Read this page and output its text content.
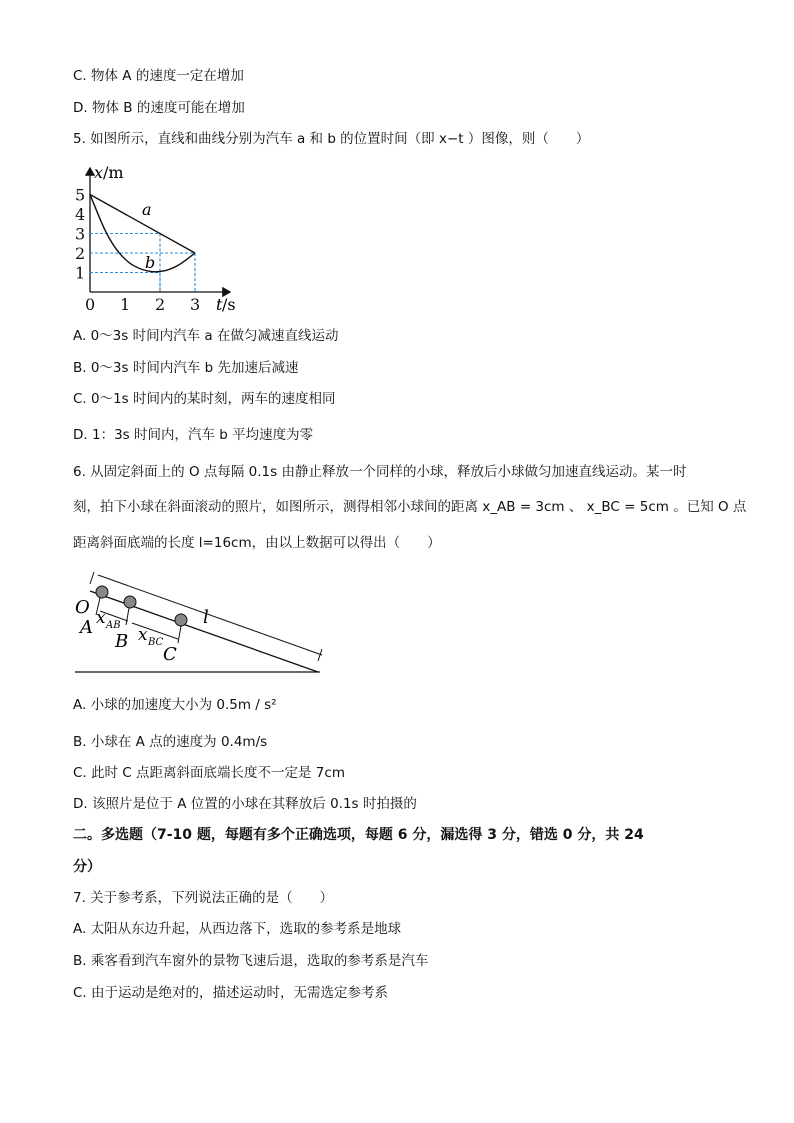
C. 物体 A 的速度一定在增加
D. 物体 B 的速度可能在增加
5. 如图所示，直线和曲线分别为汽车 a 和 b 的位置时间（即 x−t ）图像，则（　　）
1
2
3
4
5
0 1 2 3
x /m
t /s
a
b
A. 0～3s 时间内汽车 a 在做匀减速直线运动
B. 0～3s 时间内汽车 b 先加速后减速
C. 0～1s 时间内的某时刻，两车的速度相同
D. 1：3s 时间内，汽车 b 平均速度为零
6. 从固定斜面上的 O 点每隔 0.1s 由静止释放一个同样的小球，释放后小球做匀加速直线运动。某一时
刻，拍下小球在斜面滚动的照片，如图所示，测得相邻小球间的距离 x_AB = 3cm 、 x_BC = 5cm 。已知 O 点
距离斜面底端的长度 l=16cm，由以上数据可以得出（　　）
O
A
B
C
l
x AB x BC
A. 小球的加速度大小为 0.5m / s²
B. 小球在 A 点的速度为 0.4m/s
C. 此时 C 点距离斜面底端长度不一定是 7cm
D. 该照片是位于 A 位置的小球在其释放后 0.1s 时拍摄的
二。多选题（7-10 题，每题有多个正确选项，每题 6 分，漏选得 3 分，错选 0 分，共 24
分）
7. 关于参考系，下列说法正确的是（　　）
A. 太阳从东边升起，从西边落下，选取的参考系是地球
B. 乘客看到汽车窗外的景物飞速后退，选取的参考系是汽车
C. 由于运动是绝对的，描述运动时，无需选定参考系
